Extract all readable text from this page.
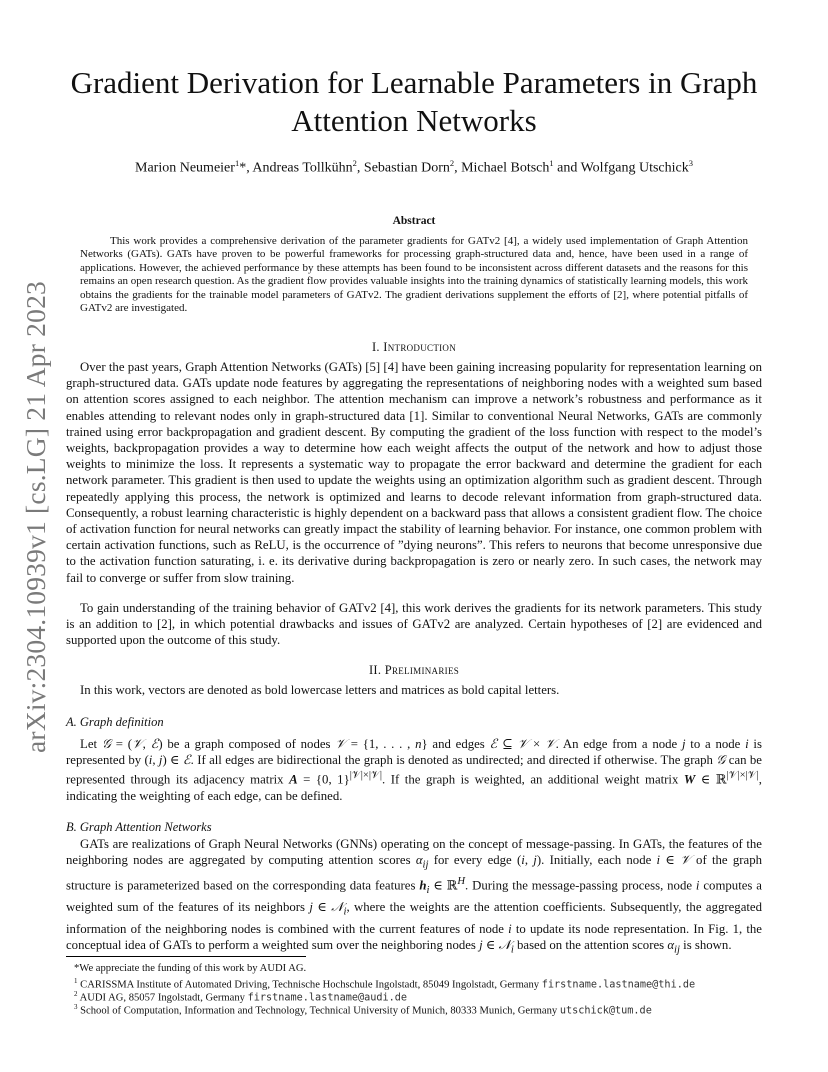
arXiv:2304.10939v1 [cs.LG] 21 Apr 2023
Gradient Derivation for Learnable Parameters in Graph Attention Networks
Marion Neumeier$^1$*, Andreas Tollkühn$^2$, Sebastian Dorn$^2$, Michael Botsch$^1$ and Wolfgang Utschick$^3$
Abstract

This work provides a comprehensive derivation of the parameter gradients for GATv2 [4], a widely used implementation of Graph Attention Networks (GATs). GATs have proven to be powerful frameworks for processing graph-structured data and, hence, have been used in a range of applications. However, the achieved performance by these attempts has been found to be inconsistent across different datasets and the reasons for this remains an open research question. As the gradient flow provides valuable insights into the training dynamics of statistically learning models, this work obtains the gradients for the trainable model parameters of GATv2. The gradient derivations supplement the efforts of [2], where potential pitfalls of GATv2 are investigated.

I. Introduction

Over the past years, Graph Attention Networks (GATs) [5] [4] have been gaining increasing popularity for representation learning on graph-structured data. GATs update node features by aggregating the representations of neighboring nodes with a weighted sum based on attention scores assigned to each neighbor. The attention mechanism can improve a network’s robustness and performance as it enables attending to relevant nodes only in graph-structured data [1]. Similar to conventional Neural Networks, GATs are commonly trained using error backpropagation and gradient descent. By computing the gradient of the loss function with respect to the model’s weights, backpropagation provides a way to determine how each weight affects the output of the network and how to adjust those weights to minimize the loss. It represents a systematic way to propagate the error backward and determine the gradient for each network parameter. This gradient is then used to update the weights using an optimization algorithm such as gradient descent. Through repeatedly applying this process, the network is optimized and learns to decode relevant information from graph-structured data. Consequently, a robust learning characteristic is highly dependent on a backward pass that allows a consistent gradient flow. The choice of activation function for neural networks can greatly impact the stability of learning behavior. For instance, one common problem with certain activation functions, such as ReLU, is the occurrence of ”dying neurons”. This refers to neurons that become unresponsive due to the activation function saturating, i. e. its derivative during backpropagation is zero or nearly zero. In such cases, the network may fail to converge or suffer from slow training.

To gain understanding of the training behavior of GATv2 [4], this work derives the gradients for its network parameters. This study is an addition to [2], in which potential drawbacks and issues of GATv2 are analyzed. Certain hypotheses of [2] are evidenced and supported upon the outcome of this study.

II. Preliminaries

In this work, vectors are denoted as bold lowercase letters and matrices as bold capital letters.

A. Graph definition

Let 𝒢 = (𝒱, ℰ) be a graph composed of nodes 𝒱 = {1, . . . , n} and edges ℰ ⊆ 𝒱 × 𝒱. An edge from a node j to a node i is represented by (i, j) ∈ ℰ. If all edges are bidirectional the graph is denoted as undirected; and directed if otherwise. The graph 𝒢 can be represented through its adjacency matrix A = {0, 1}$^{|𝒱|\times|𝒱|}$. If the graph is weighted, an additional weight matrix W ∈ ℝ$^{|𝒱|\times|𝒱|}$, indicating the weighting of each edge, can be defined.

B. Graph Attention Networks

GATs are realizations of Graph Neural Networks (GNNs) operating on the concept of message-passing. In GATs, the features of the neighboring nodes are aggregated by computing attention scores $\alpha_{ij}$ for every edge (i, j). Initially, each node i ∈ 𝒱 of the graph structure is parameterized based on the corresponding data features $h_i$ ∈ ℝ$^H$. During the message-passing process, node i computes a weighted sum of the features of its neighbors j ∈ 𝒩$_i$, where the weights are the attention coefficients. Subsequently, the aggregated information of the neighboring nodes is combined with the current features of node i to update its node representation. In Fig. 1, the conceptual idea of GATs to perform a weighted sum over the neighboring nodes j ∈ 𝒩$_i$ based on the attention scores $\alpha_{ij}$ is shown.

*We appreciate the funding of this work by AUDI AG.
$^1$ CARISSMA Institute of Automated Driving, Technische Hochschule Ingolstadt, 85049 Ingolstadt, Germany firstname.lastname@thi.de
$^2$ AUDI AG, 85057 Ingolstadt, Germany firstname.lastname@audi.de
$^3$ School of Computation, Information and Technology, Technical University of Munich, 80333 Munich, Germany utschick@tum.de
